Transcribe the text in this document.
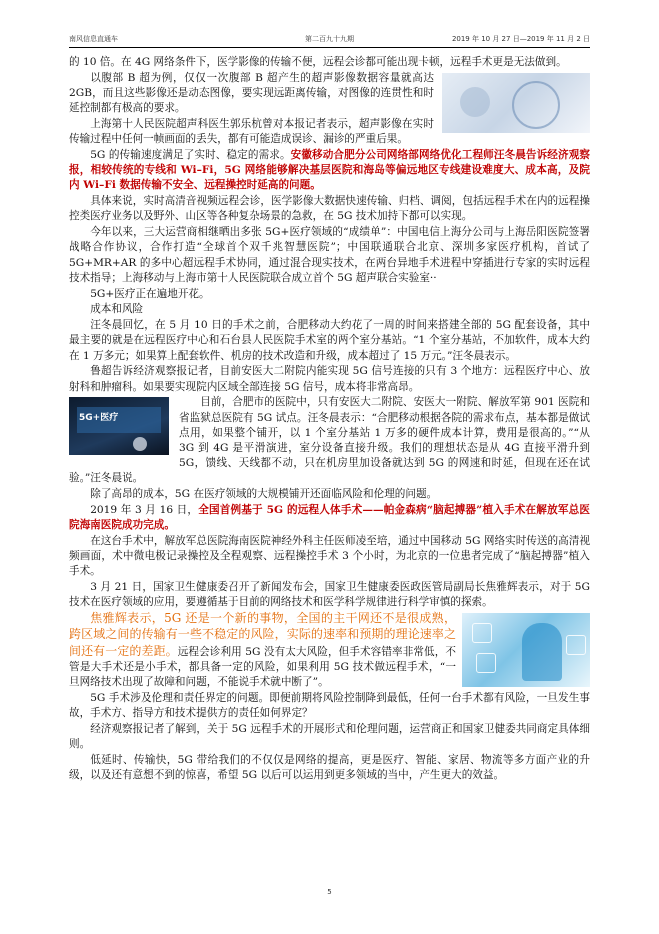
南风信息直通车	第二百九十九期	2019 年 10 月 27 日—2019 年 11 月 2 日

的 10 倍。在 4G 网络条件下，医学影像的传输不便，远程会诊都可能出现卡顿，远程手术更是无法做到。

以腹部 B 超为例，仅仅一次腹部 B 超产生的超声影像数据容量就高达 2GB，而且这些影像还是动态图像，要实现远距离传输，对图像的连贯性和时延控制都有极高的要求。

上海第十人民医院超声科医生郭乐杭曾对本报记者表示，超声影像在实时传输过程中任何一帧画面的丢失，都有可能造成误诊、漏诊的严重后果。

5G 的传输速度满足了实时、稳定的需求。安徽移动合肥分公司网络部网络优化工程师汪冬晨告诉经济观察报，相较传统的专线和 Wi–Fi，5G 网络能够解决基层医院和海岛等偏远地区专线建设难度大、成本高，及院内 Wi–Fi 数据传输不安全、远程操控时延高的问题。

具体来说，实时高清音视频远程会诊，医学影像大数据快速传输、归档、调阅，包括远程手术在内的远程操控类医疗业务以及野外、山区等各种复杂场景的急救，在 5G 技术加持下都可以实现。

今年以来，三大运营商相继晒出多张 5G+医疗领域的“成绩单”：中国电信上海分公司与上海岳阳医院签署战略合作协议，合作打造“全球首个双千兆智慧医院”；中国联通联合北京、深圳多家医疗机构，首试了 5G+MR+AR 的多中心超远程手术协同，通过混合现实技术，在两台异地手术进程中穿插进行专家的实时远程技术指导；上海移动与上海市第十人民医院联合成立首个 5G 超声联合实验室··

5G+医疗正在遍地开花。

成本和风险

汪冬晨回忆，在 5 月 10 日的手术之前，合肥移动大约花了一周的时间来搭建全部的 5G 配套设备，其中最主要的就是在远程医疗中心和石台县人民医院手术室的两个室分基站。“1 个室分基站，不加软件，成本大约在 1 万多元；如果算上配套软件、机房的技术改造和升级，成本超过了 15 万元。”汪冬晨表示。

鲁超告诉经济观察报记者，目前安医大二附院内能实现 5G 信号连接的只有 3 个地方：远程医疗中心、放射科和肿瘤科。如果要实现院内区域全部连接 5G 信号，成本将非常高昂。

5G+医疗

目前，合肥市的医院中，只有安医大二附院、安医大一附院、解放军第 901 医院和省监狱总医院有 5G 试点。汪冬晨表示：“合肥移动根据各院的需求布点，基本都是做试点用，如果整个铺开，以 1 个室分基站 1 万多的硬件成本计算，费用是很高的。”“从 3G 到 4G 是平滑演进，室分设备直接升级。我们的理想状态是从 4G 直接平滑升到 5G，馈线、天线都不动，只在机房里加设备就达到 5G 的网速和时延，但现在还在试验。”汪冬晨说。

除了高昂的成本，5G 在医疗领域的大规模铺开还面临风险和伦理的问题。

2019 年 3 月 16 日，全国首例基于 5G 的远程人体手术——帕金森病“脑起搏器”植入手术在解放军总医院海南医院成功完成。

在这台手术中，解放军总医院海南医院神经外科主任医师凌至培，通过中国移动 5G 网络实时传送的高清视频画面，术中微电极记录操控及全程观察、远程操控手术 3 个小时，为北京的一位患者完成了“脑起搏器”植入手术。

3 月 21 日，国家卫生健康委召开了新闻发布会，国家卫生健康委医政医管局副局长焦雅辉表示，对于 5G 技术在医疗领域的应用，要遵循基于目前的网络技术和医学科学规律进行科学审慎的探索。

焦雅辉表示，5G 还是一个新的事物，全国的主干网还不是很成熟，跨区域之间的传输有一些不稳定的风险，实际的速率和预期的理论速率之间还有一定的差距。远程会诊利用 5G 没有太大风险，但手术容错率非常低，不管是大手术还是小手术，都具备一定的风险，如果利用 5G 技术做远程手术，“一旦网络技术出现了故障和问题，不能说手术就中断了”。

5G 手术涉及伦理和责任界定的问题。即便前期将风险控制降到最低，任何一台手术都有风险，一旦发生事故，手术方、指导方和技术提供方的责任如何界定？

经济观察报记者了解到，关于 5G 远程手术的开展形式和伦理问题，运营商正和国家卫健委共同商定具体细则。

低延时、传输快，5G 带给我们的不仅仅是网络的提高，更是医疗、智能、家居、物流等多方面产业的升级，以及还有意想不到的惊喜，希望 5G 以后可以运用到更多领域的当中，产生更大的效益。

5
